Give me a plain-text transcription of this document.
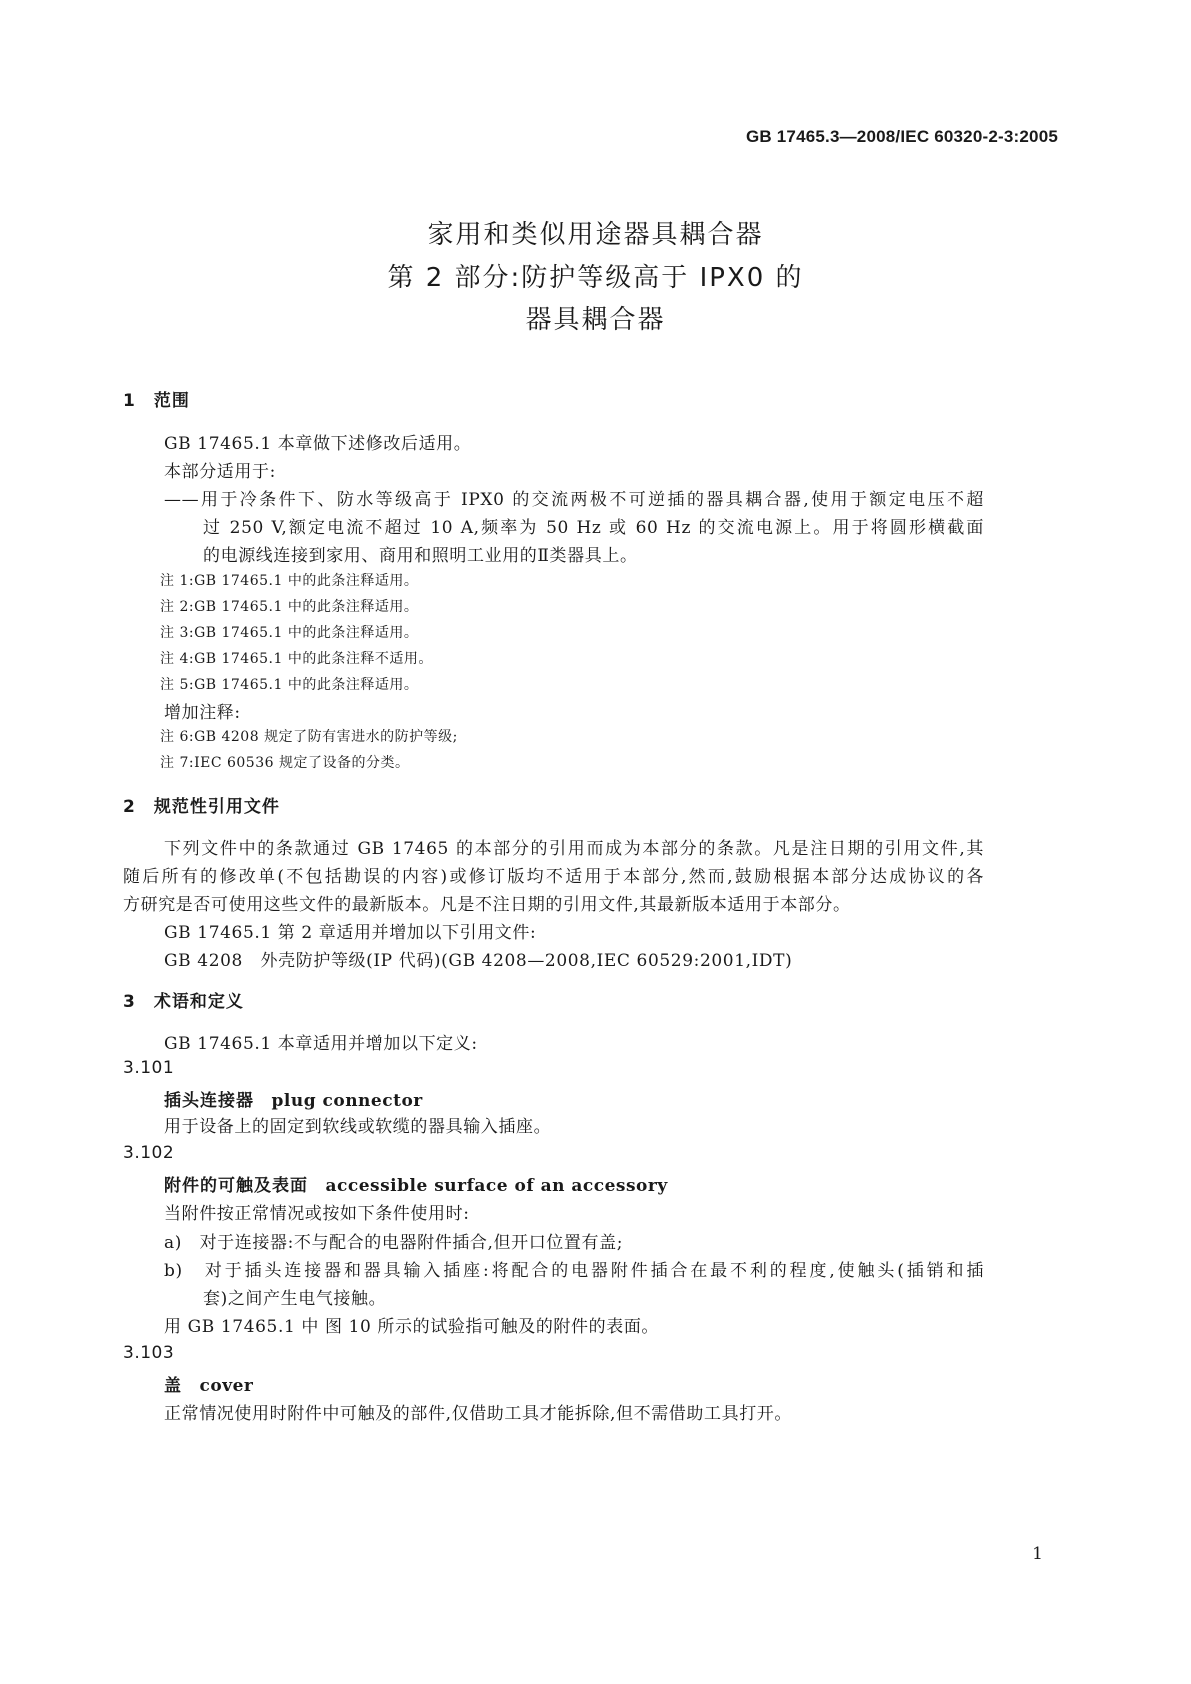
GB 17465.3—2008/IEC 60320-2-3:2005
家用和类似用途器具耦合器
第 2 部分:防护等级高于 IPX0 的
器具耦合器
1　范围
GB 17465.1 本章做下述修改后适用。
本部分适用于:
——用于冷条件下、防水等级高于 IPX0 的交流两极不可逆插的器具耦合器,使用于额定电压不超
过 250 V,额定电流不超过 10 A,频率为 50 Hz 或 60 Hz 的交流电源上。用于将圆形横截面
的电源线连接到家用、商用和照明工业用的Ⅱ类器具上。
注 1:GB 17465.1 中的此条注释适用。
注 2:GB 17465.1 中的此条注释适用。
注 3:GB 17465.1 中的此条注释适用。
注 4:GB 17465.1 中的此条注释不适用。
注 5:GB 17465.1 中的此条注释适用。
增加注释:
注 6:GB 4208 规定了防有害进水的防护等级;
注 7:IEC 60536 规定了设备的分类。
2　规范性引用文件
下列文件中的条款通过 GB 17465 的本部分的引用而成为本部分的条款。凡是注日期的引用文件,其
随后所有的修改单(不包括勘误的内容)或修订版均不适用于本部分,然而,鼓励根据本部分达成协议的各
方研究是否可使用这些文件的最新版本。凡是不注日期的引用文件,其最新版本适用于本部分。
GB 17465.1 第 2 章适用并增加以下引用文件:
GB 4208　外壳防护等级(IP 代码)(GB 4208—2008,IEC 60529:2001,IDT)
3　术语和定义
GB 17465.1 本章适用并增加以下定义:
3.101
插头连接器　 plug connector
用于设备上的固定到软线或软缆的器具输入插座。
3.102
附件的可触及表面　 accessible surface of an accessory
当附件按正常情况或按如下条件使用时:
a)　对于连接器:不与配合的电器附件插合,但开口位置有盖;
b)　对于插头连接器和器具输入插座:将配合的电器附件插合在最不利的程度,使触头(插销和插
套)之间产生电气接触。
用 GB 17465.1 中 图 10 所示的试验指可触及的附件的表面。
3.103
盖　 cover
正常情况使用时附件中可触及的部件,仅借助工具才能拆除,但不需借助工具打开。
1
